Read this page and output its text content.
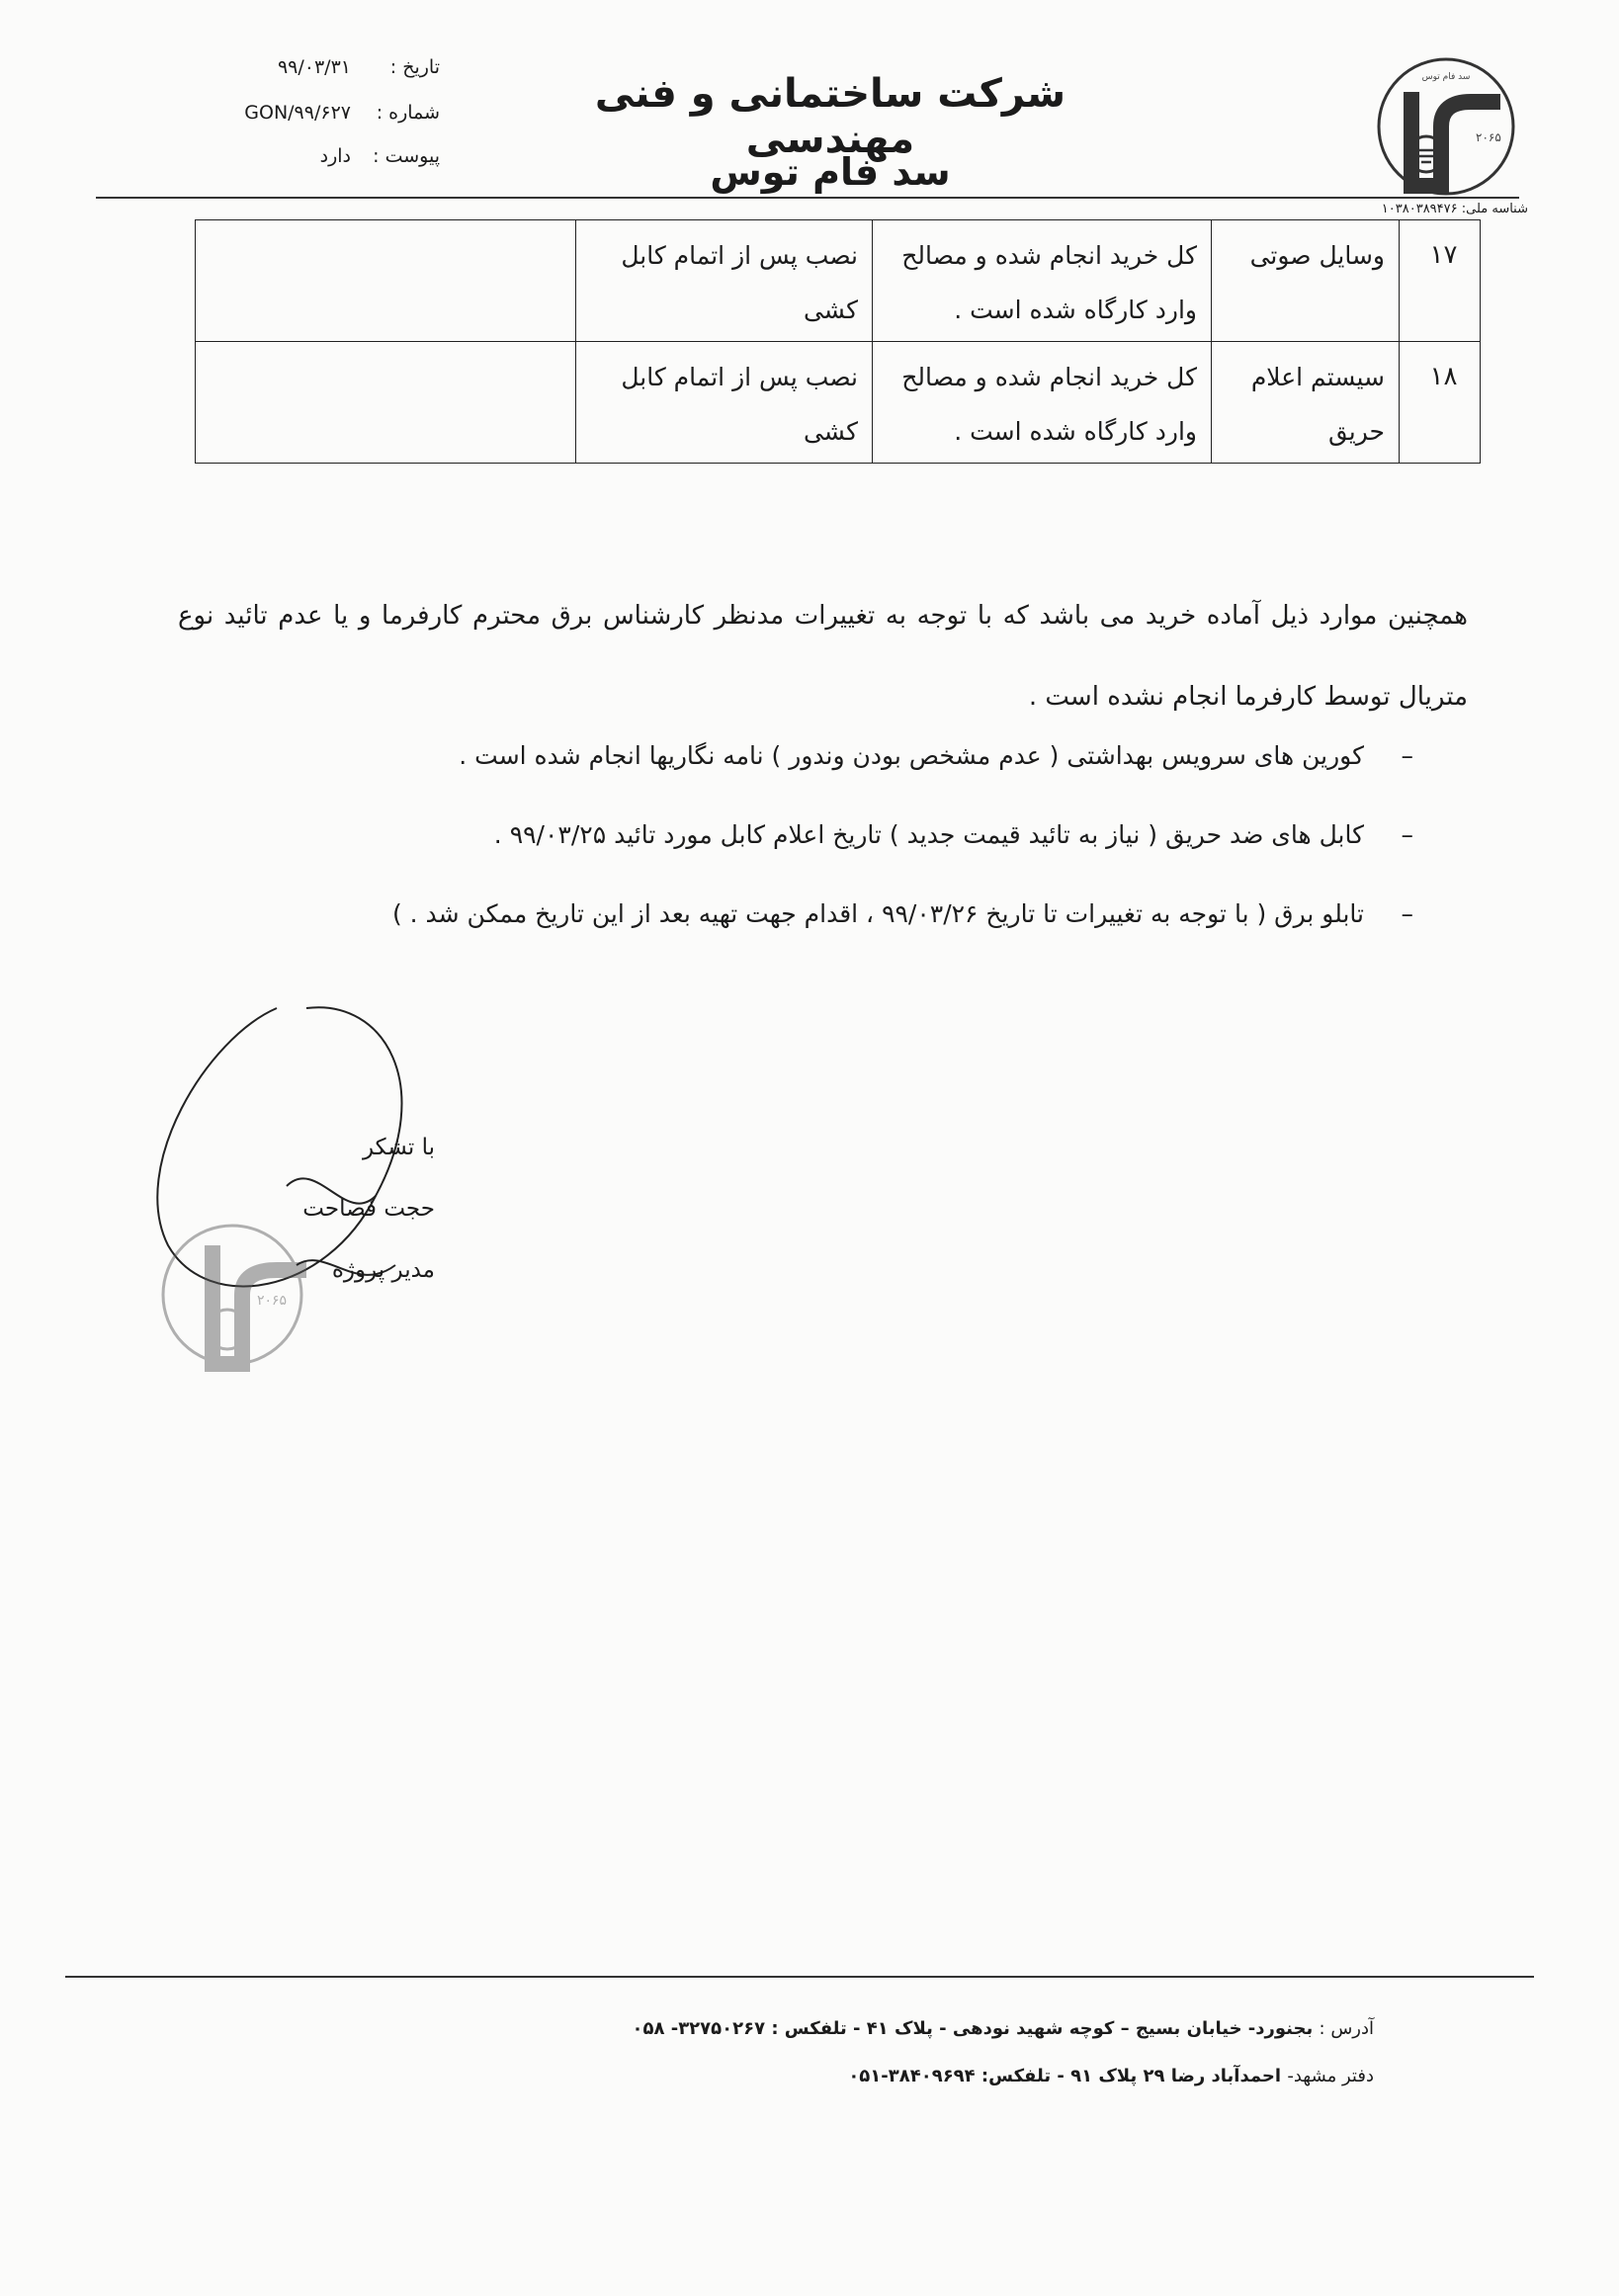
تاریخ :
۹۹/۰۳/۳۱
شماره :
GON/۹۹/۶۲۷
پیوست :
دارد
شرکت ساختمانی و فنی مهندسی
سد فام توس
۲۰۶۵
سد فام توس
شناسه ملی: ۱۰۳۸۰۳۸۹۴۷۶
۱۷	وسایل صوتی	کل خرید انجام شده و مصالح وارد کارگاه شده است .	نصب پس از اتمام کابل کشی	
۱۸	سیستم اعلام حریق	کل خرید انجام شده و مصالح وارد کارگاه شده است .	نصب پس از اتمام کابل کشی	
همچنین موارد ذیل آماده خرید می باشد که با توجه به تغییرات مدنظر کارشناس برق محترم کارفرما و یا عدم تائید نوع متریال توسط کارفرما انجام نشده است .
– کورین های سرویس بهداشتی ( عدم مشخص بودن وندور ) نامه نگاریها انجام شده است .
– کابل های ضد حریق ( نیاز به تائید قیمت جدید ) تاریخ اعلام کابل مورد تائید ۹۹/۰۳/۲۵ .
– تابلو برق ( با توجه به تغییرات تا تاریخ ۹۹/۰۳/۲۶ ، اقدام جهت تهیه بعد از این تاریخ ممکن شد . )
۲۰۶۵
با تشکر
حجت فصاحت
مدیر پروژه
آدرس : بجنورد- خیابان بسیج – کوچه شهید نودهی - پلاک ۴۱ - تلفکس : ۳۲۷۵۰۲۶۷- ۰۵۸
دفتر مشهد- احمدآباد رضا ۲۹ پلاک ۹۱ - تلفکس: ۳۸۴۰۹۶۹۴-۰۵۱
